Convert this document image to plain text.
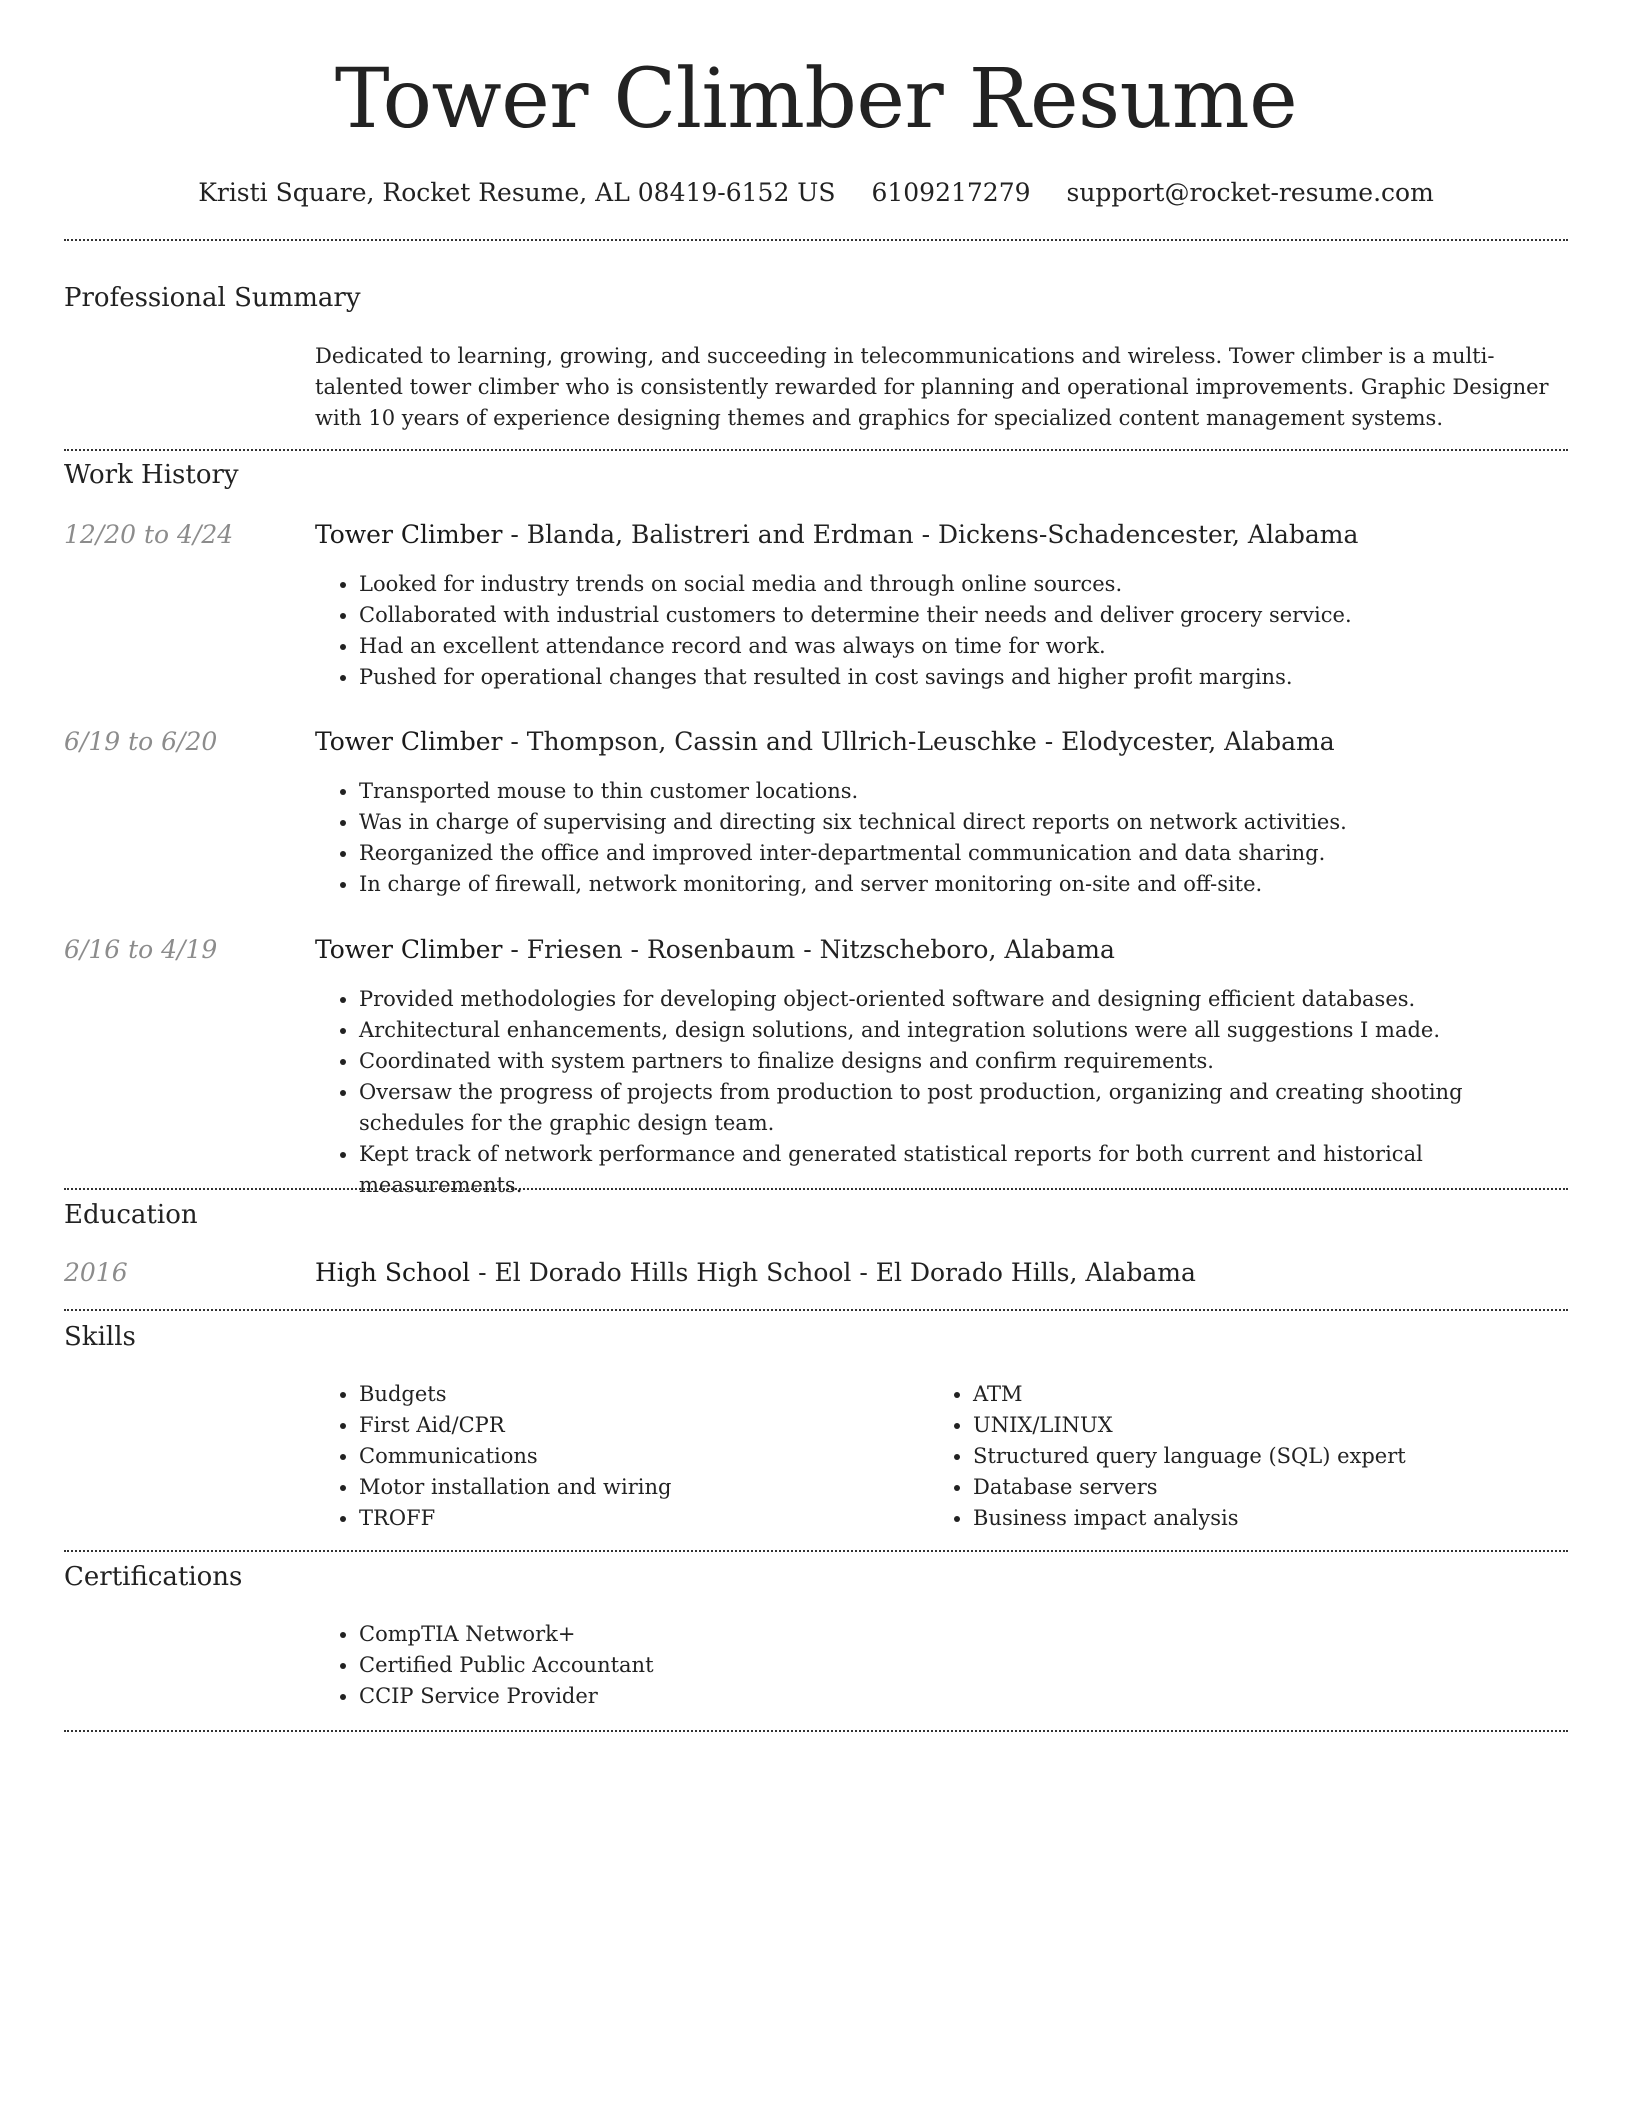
Tower Climber Resume
Kristi Square, Rocket Resume, AL 08419-6152 US 6109217279 support@rocket-resume.com
Professional Summary
Dedicated to learning, growing, and succeeding in telecommunications and wireless. Tower climber is a multi-talented tower climber who is consistently rewarded for planning and operational improvements. Graphic Designer with 10 years of experience designing themes and graphics for specialized content management systems.
Work History
12/20 to 4/24	Tower Climber - Blanda, Balistreri and Erdman - Dickens-Schadencester, Alabama
• Looked for industry trends on social media and through online sources.
• Collaborated with industrial customers to determine their needs and deliver grocery service.
• Had an excellent attendance record and was always on time for work.
• Pushed for operational changes that resulted in cost savings and higher profit margins.
6/19 to 6/20	Tower Climber - Thompson, Cassin and Ullrich-Leuschke - Elodycester, Alabama
• Transported mouse to thin customer locations.
• Was in charge of supervising and directing six technical direct reports on network activities.
• Reorganized the office and improved inter-departmental communication and data sharing.
• In charge of firewall, network monitoring, and server monitoring on-site and off-site.
6/16 to 4/19	Tower Climber - Friesen - Rosenbaum - Nitzscheboro, Alabama
• Provided methodologies for developing object-oriented software and designing efficient databases.
• Architectural enhancements, design solutions, and integration solutions were all suggestions I made.
• Coordinated with system partners to finalize designs and confirm requirements.
• Oversaw the progress of projects from production to post production, organizing and creating shooting schedules for the graphic design team.
• Kept track of network performance and generated statistical reports for both current and historical measurements.
Education
2016	High School - El Dorado Hills High School - El Dorado Hills, Alabama
Skills
• Budgets
• First Aid/CPR
• Communications
• Motor installation and wiring
• TROFF
• ATM
• UNIX/LINUX
• Structured query language (SQL) expert
• Database servers
• Business impact analysis
Certifications
• CompTIA Network+
• Certified Public Accountant
• CCIP Service Provider
